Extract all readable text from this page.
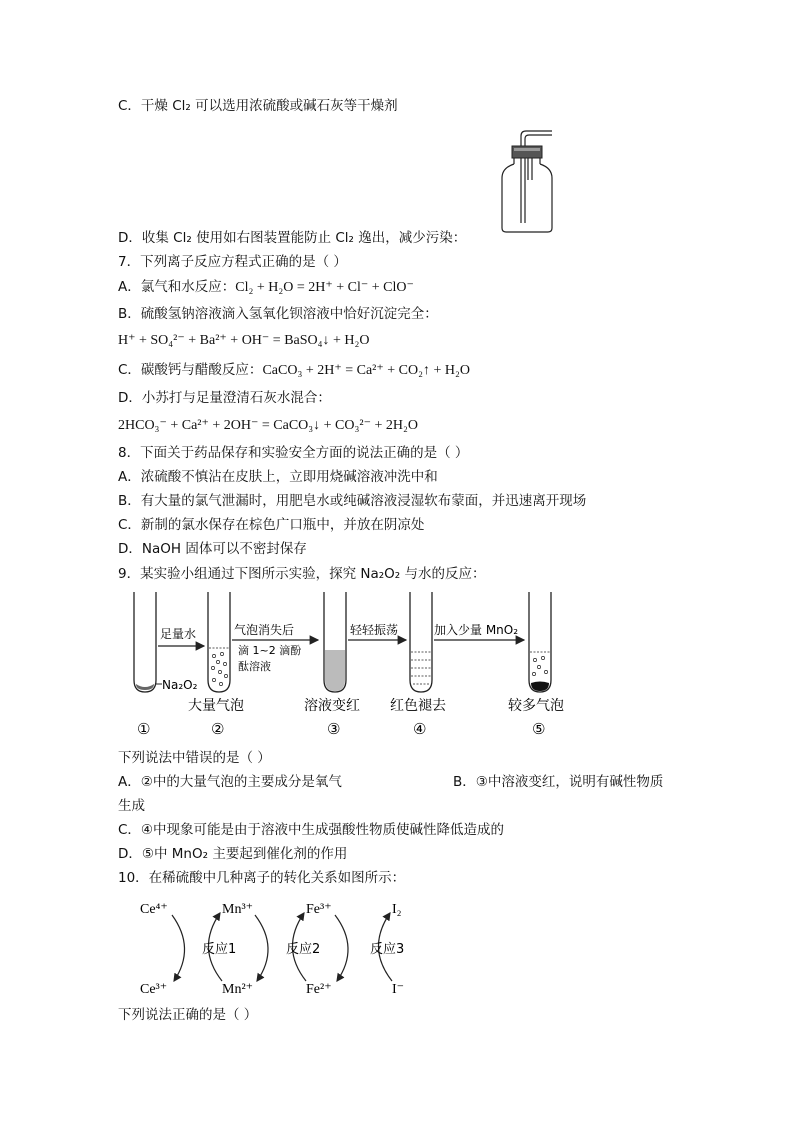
C．干燥 Cl₂ 可以选用浓硫酸或碱石灰等干燥剂
D．收集 Cl₂ 使用如右图装置能防止 Cl₂ 逸出，减少污染：
7．下列离子反应方程式正确的是（ ）
A．氯气和水反应：Cl₂ + H₂O = 2H⁺ + Cl⁻ + ClO⁻
B．硫酸氢钠溶液滴入氢氧化钡溶液中恰好沉淀完全：
H⁺ + SO₄²⁻ + Ba²⁺ + OH⁻ = BaSO₄↓ + H₂O
C．碳酸钙与醋酸反应：CaCO₃ + 2H⁺ = Ca²⁺ + CO₂↑ + H₂O
D．小苏打与足量澄清石灰水混合：
2HCO₃⁻ + Ca²⁺ + 2OH⁻ = CaCO₃↓ + CO₃²⁻ + 2H₂O
8．下面关于药品保存和实验安全方面的说法正确的是（ ）
A．浓硫酸不慎沾在皮肤上，立即用烧碱溶液冲洗中和
B．有大量的氯气泄漏时，用肥皂水或纯碱溶液浸湿软布蒙面，并迅速离开现场
C．新制的氯水保存在棕色广口瓶中，并放在阴凉处
D．NaOH 固体可以不密封保存
9．某实验小组通过下图所示实验，探究 Na₂O₂ 与水的反应：
Na₂O₂
足量水	气泡消失后
滴 1~2 滴酚
酞溶液
轻轻振荡	加入少量 MnO₂
大量气泡	溶液变红 红色褪去	较多气泡
①	②	③	④	⑤
下列说法中错误的是（ ）
A．②中的大量气泡的主要成分是氧气	B．③中溶液变红，说明有碱性物质
生成
C．④中现象可能是由于溶液中生成强酸性物质使碱性降低造成的
D．⑤中 MnO₂ 主要起到催化剂的作用
10．在稀硫酸中几种离子的转化关系如图所示：
Ce⁴⁺
Ce³⁺
Mn³⁺
Mn²⁺
Fe³⁺
Fe²⁺
I₂
I⁻
反应1	反应2	反应3
下列说法正确的是（ ）
